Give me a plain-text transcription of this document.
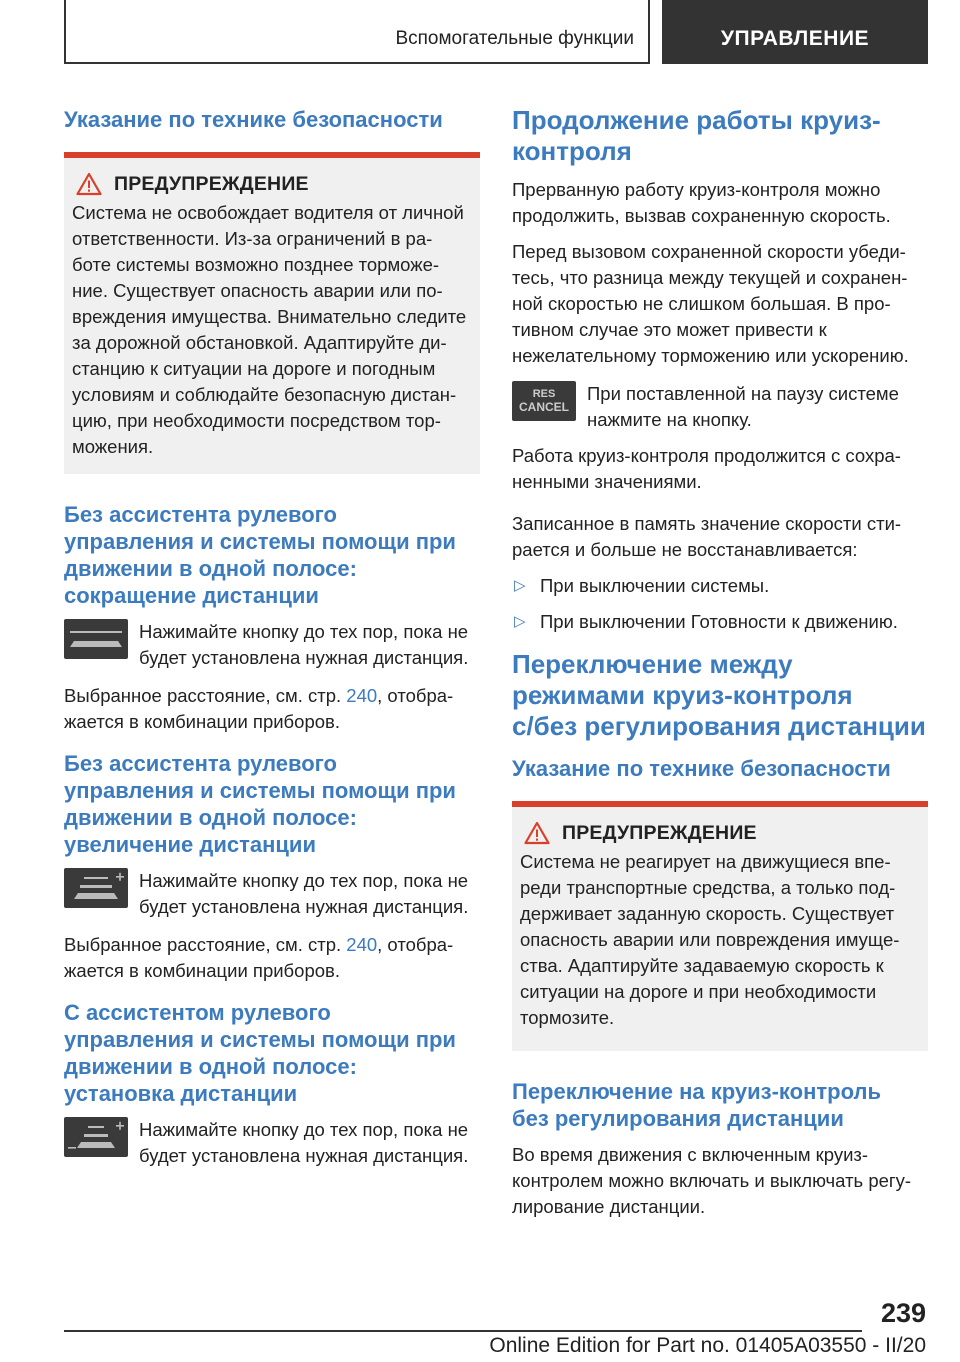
Вспомогательные функции	УПРАВЛЕНИЕ
Указание по технике безопасности
ПРЕДУПРЕЖДЕНИЕ
Система не освобождает водителя от личной
ответственности. Из-за ограничений в ра-
боте системы возможно позднее торможе-
ние. Существует опасность аварии или по-
вреждения имущества. Внимательно следите
за дорожной обстановкой. Адаптируйте ди-
станцию к ситуации на дороге и погодным
условиям и соблюдайте безопасную дистан-
цию, при необходимости посредством тор-
можения.
Без ассистента рулевого
управления и системы помощи при
движении в одной полосе:
сокращение дистанции
Нажимайте кнопку до тех пор, пока не
будет установлена нужная дистанция.
Выбранное расстояние, см. стр. 240, отобра-
жается в комбинации приборов.
Без ассистента рулевого
управления и системы помощи при
движении в одной полосе:
увеличение дистанции
Нажимайте кнопку до тех пор, пока не
будет установлена нужная дистанция.
Выбранное расстояние, см. стр. 240, отобра-
жается в комбинации приборов.
С ассистентом рулевого
управления и системы помощи при
движении в одной полосе:
установка дистанции
Нажимайте кнопку до тех пор, пока не
будет установлена нужная дистанция.
Продолжение работы круиз-
контроля
Прерванную работу круиз-контроля можно
продолжить, вызвав сохраненную скорость.
Перед вызовом сохраненной скорости убеди-
тесь, что разница между текущей и сохранен-
ной скоростью не слишком большая. В про-
тивном случае это может привести к
нежелательному торможению или ускорению.
RES
CANCEL
При поставленной на паузу системе
нажмите на кнопку.
Работа круиз-контроля продолжится с сохра-
ненными значениями.
Записанное в память значение скорости сти-
рается и больше не восстанавливается:
▷ При выключении системы.
▷ При выключении Готовности к движению.
Переключение между
режимами круиз-контроля
с/без регулирования дистанции
Указание по технике безопасности
ПРЕДУПРЕЖДЕНИЕ
Система не реагирует на движущиеся впе-
реди транспортные средства, а только под-
держивает заданную скорость. Существует
опасность аварии или повреждения имуще-
ства. Адаптируйте задаваемую скорость к
ситуации на дороге и при необходимости
тормозите.
Переключение на круиз-контроль
без регулирования дистанции
Во время движения с включенным круиз-
контролем можно включать и выключать регу-
лирование дистанции.
239
Online Edition for Part no. 01405A03550 - II/20
